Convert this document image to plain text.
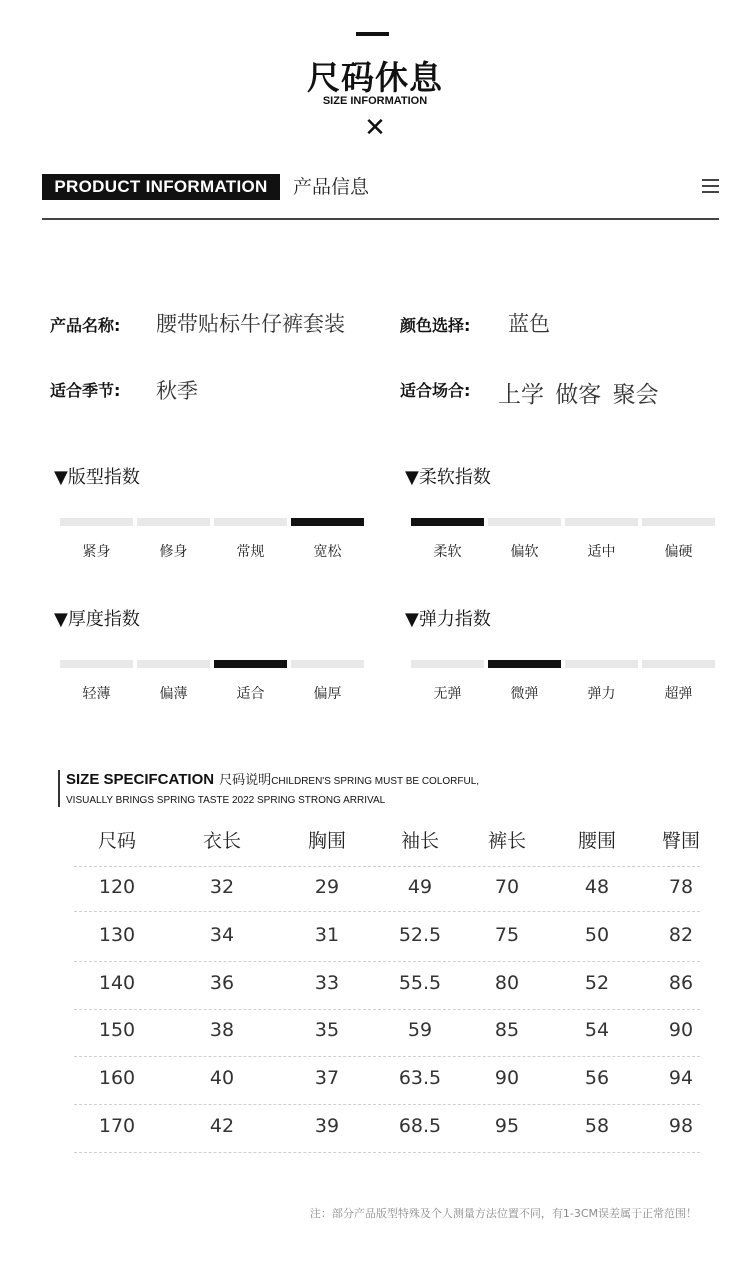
尺码休息
SIZE INFORMATION
✕
PRODUCT INFORMATION	产品信息
产品名称: 腰带贴标牛仔裤套装	颜色选择: 蓝色
适合季节: 秋季	适合场合: 上学 做客 聚会
▼版型指数
紧身	修身	常规	宽松
▼柔软指数
柔软	偏软	适中	偏硬
▼厚度指数
轻薄	偏薄	适合	偏厚
▼弹力指数
无弹	微弹	弹力	超弹
SIZE SPECIFCATION 尺码说明CHILDREN'S SPRING MUST BE COLORFUL,
VISUALLY BRINGS SPRING TASTE 2022 SPRING STRONG ARRIVAL
尺码	衣长	胸围	袖长	裤长	腰围	臀围
120	32	29	49	70	48	78
130	34	31	52.5	75	50	82
140	36	33	55.5	80	52	86
150	38	35	59	85	54	90
160	40	37	63.5	90	56	94
170	42	39	68.5	95	58	98
注：部分产品版型特殊及个人测量方法位置不同，有1-3CM误差属于正常范围！
